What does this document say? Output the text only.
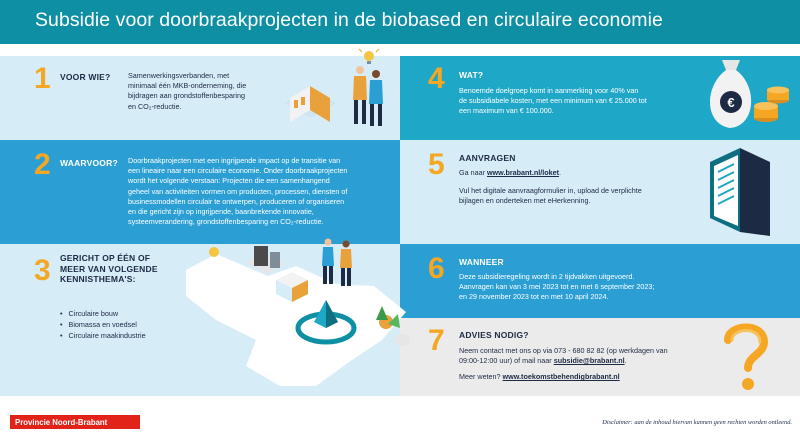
Subsidie voor doorbraakprojecten in de biobased en circulaire economie
1 VOOR WIE? Samenwerkingsverbanden, met
minimaal één MKB-onderneming, die
bijdragen aan grondstoffenbesparing
en CO₂-reductie.
4 WAT?
Benoemde doelgroep komt in aanmerking voor 40% van
de subsidiabele kosten, met een minimum van € 25.000 tot
een maximum van € 100.000.
€
2 WAARVOOR? Doorbraakprojecten met een ingrijpende impact op de transitie van
een lineaire naar een circulaire economie. Onder doorbraakprojecten
wordt het volgende verstaan: Projecten die een samenhangend
geheel van activiteiten vormen om producten, processen, diensten of
businessmodellen circulair te ontwerpen, produceren of organiseren
en die gericht zijn op ingrijpende, baanbrekende innovatie,
systeemverandering, grondstoffenbesparing en CO₂-reductie.
5 AANVRAGEN
Ga naar www.brabant.nl/loket.
Vul het digitale aanvraagformulier in, upload de verplichte
bijlagen en onderteken met eHerkenning.
3 GERICHT OP ÉÉN OF
MEER VAN VOLGENDE
KENNISTHEMA'S:
• Circulaire bouw
• Biomassa en voedsel
• Circulaire maakindustrie
6 WANNEER
Deze subsidieregeling wordt in 2 tijdvakken uitgevoerd.
Aanvragen kan van 3 mei 2023 tot en met 6 september 2023;
en 29 november 2023 tot en met 10 april 2024.
7 ADVIES NODIG?
Neem contact met ons op via 073 - 680 82 82 (op werkdagen van
09:00-12:00 uur) of mail naar subsidie@brabant.nl.
Meer weten? www.toekomstbehendigbrabant.nl
Provincie Noord-Brabant	Disclaimer: aan de inhoud hiervan kunnen geen rechten worden ontleend.
